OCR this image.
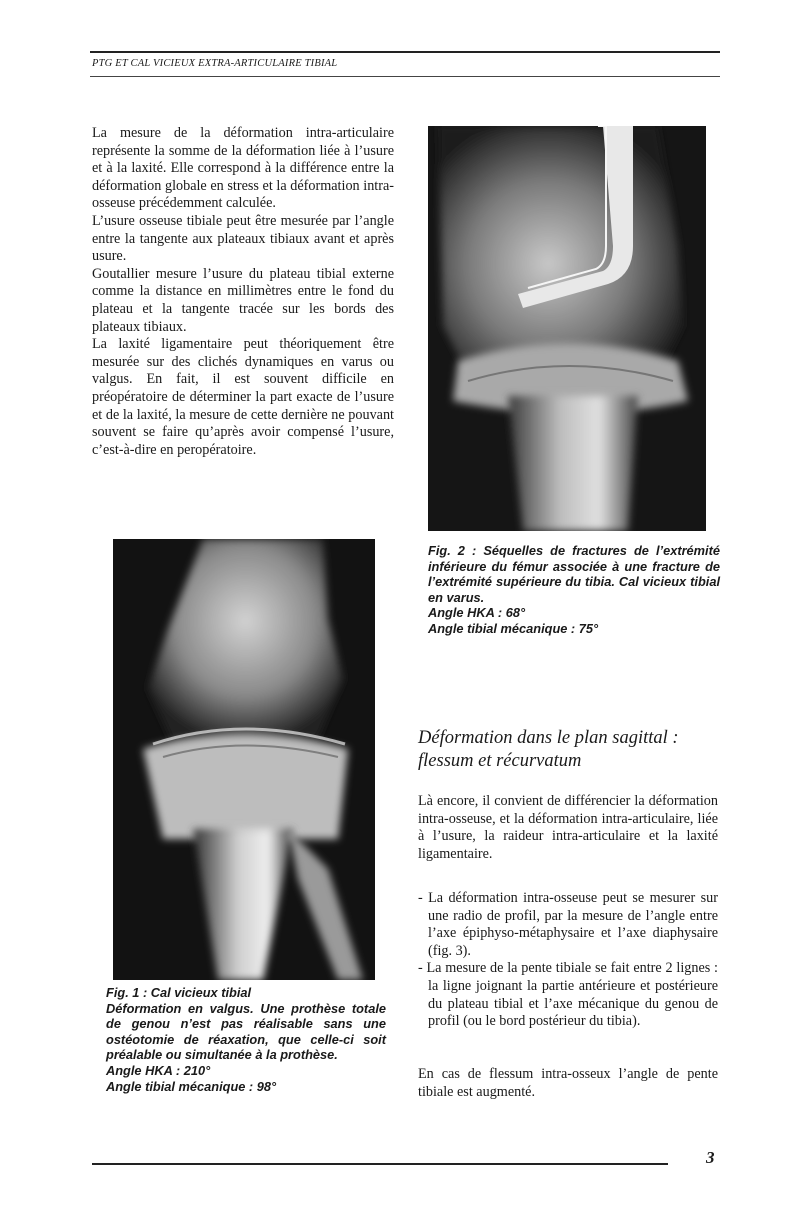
PTG ET CAL VICIEUX EXTRA-ARTICULAIRE TIBIAL

La mesure de la déformation intra-articulaire représente la somme de la déformation liée à l’usure et à la laxité. Elle correspond à la différence entre la déformation globale en stress et la déformation intra-osseuse précédemment calculée.

L’usure osseuse tibiale peut être mesurée par l’angle entre la tangente aux plateaux tibiaux avant et après usure.

Goutallier mesure l’usure du plateau tibial externe comme la distance en millimètres entre le fond du plateau et la tangente tracée sur les bords des plateaux tibiaux.

La laxité ligamentaire peut théoriquement être mesurée sur des clichés dynamiques en varus ou valgus. En fait, il est souvent difficile en préopératoire de déterminer la part exacte de l’usure et de la laxité, la mesure de cette dernière ne pouvant souvent se faire qu’après avoir compensé l’usure, c’est-à-dire en peropératoire.

Fig. 2 : Séquelles de fractures de l’extrémité inférieure du fémur associée à une fracture de l’extrémité supérieure du tibia. Cal vicieux tibial en varus.
Angle HKA : 68°
Angle tibial mécanique : 75°
Fig. 1 : Cal vicieux tibial
Déformation en valgus. Une prothèse totale de genou n’est pas réalisable sans une ostéotomie de réaxation, que celle-ci soit préalable ou simultanée à la prothèse.
Angle HKA : 210°
Angle tibial mécanique : 98°
Déformation dans le plan sagittal : flessum et récurvatum

Là encore, il convient de différencier la déformation intra-osseuse, et la déformation intra-articulaire, liée à l’usure, la raideur intra-articulaire et la laxité ligamentaire.

- La déformation intra-osseuse peut se mesurer sur une radio de profil, par la mesure de l’angle entre l’axe épiphyso-métaphysaire et l’axe diaphysaire (fig. 3).
- La mesure de la pente tibiale se fait entre 2 lignes : la ligne joignant la partie antérieure et postérieure du plateau tibial et l’axe mécanique du genou de profil (ou le bord postérieur du tibia).

En cas de flessum intra-osseux l’angle de pente tibiale est augmenté.

3
